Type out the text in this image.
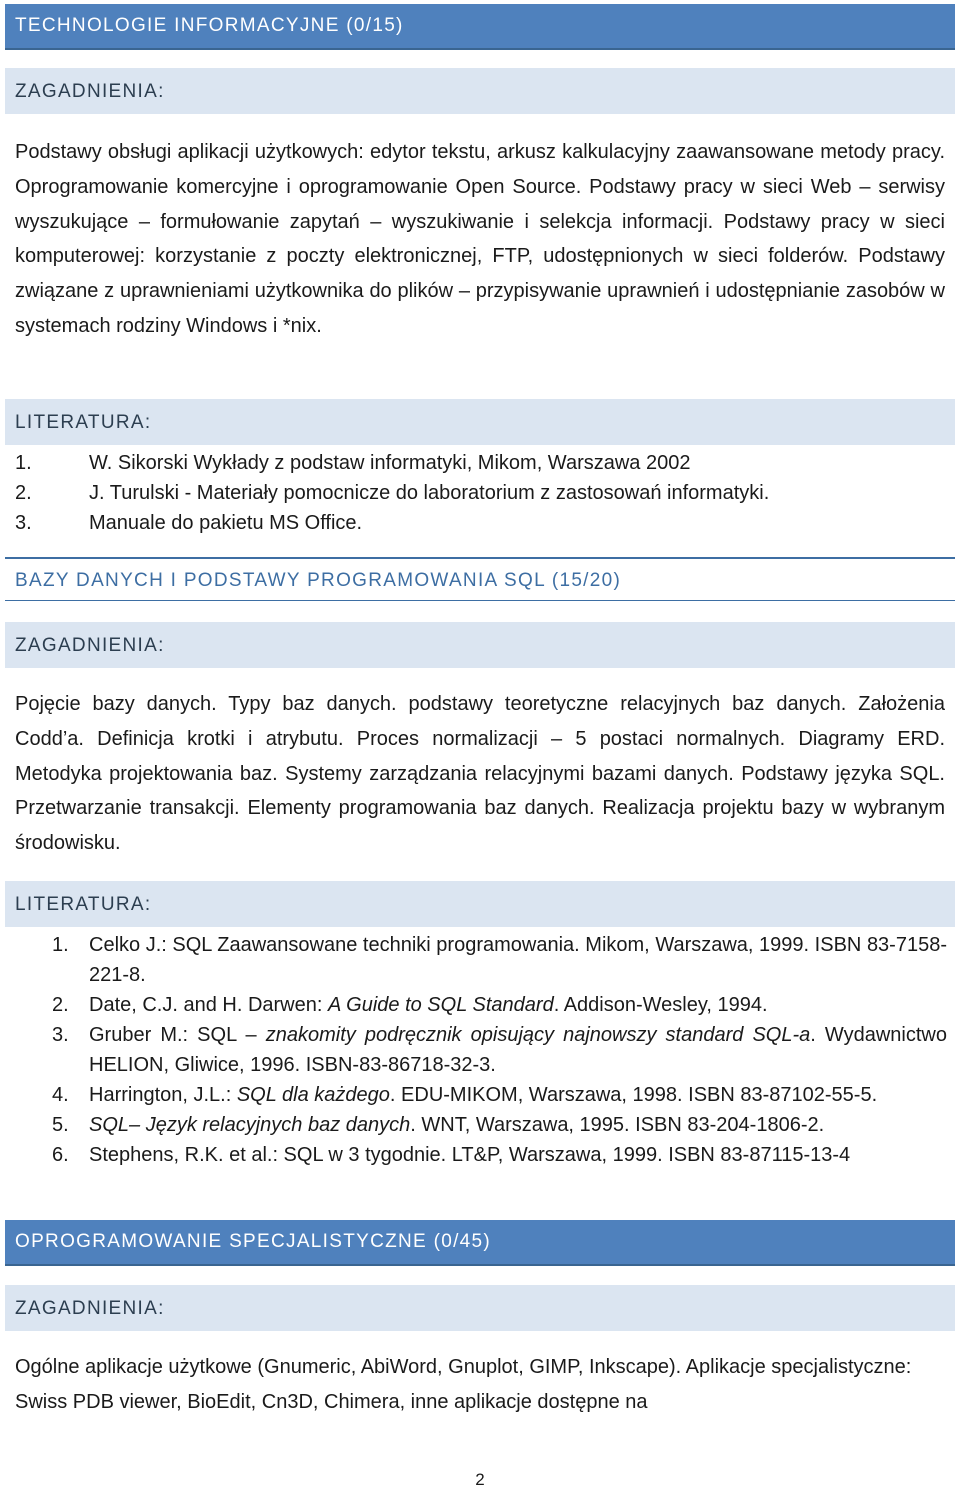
TECHNOLOGIE INFORMACYJNE (0/15)
ZAGADNIENIA:

Podstawy obsługi aplikacji użytkowych: edytor tekstu, arkusz kalkulacyjny zaawansowane metody pracy. Oprogramowanie komercyjne i oprogramowanie Open Source. Podstawy pracy w sieci Web – serwisy wyszukujące – formułowanie zapytań – wyszukiwanie i selekcja informacji. Podstawy pracy w sieci komputerowej: korzystanie z poczty elektronicznej, FTP, udostępnionych w sieci folderów. Podstawy związane z uprawnieniami użytkownika do plików – przypisywanie uprawnień i udostępnianie zasobów w systemach rodziny Windows i *nix.

LITERATURA:
1.	W. Sikorski Wykłady z podstaw informatyki, Mikom, Warszawa 2002
2.	J. Turulski - Materiały pomocnicze do laboratorium z zastosowań informatyki.
3.	Manuale do pakietu MS Office.
BAZY DANYCH I PODSTAWY PROGRAMOWANIA SQL (15/20)
ZAGADNIENIA:

Pojęcie bazy danych. Typy baz danych. podstawy teoretyczne relacyjnych baz danych. Założenia Codd’a. Definicja krotki i atrybutu. Proces normalizacji – 5 postaci normalnych. Diagramy ERD. Metodyka projektowania baz. Systemy zarządzania relacyjnymi bazami danych. Podstawy języka SQL. Przetwarzanie transakcji. Elementy programowania baz danych. Realizacja projektu bazy w wybranym środowisku.

LITERATURA:
1. Celko J.: SQL Zaawansowane techniki programowania. Mikom, Warszawa, 1999. ISBN 83-7158-221-8.
2. Date, C.J. and H. Darwen: A Guide to SQL Standard. Addison-Wesley, 1994.
3. Gruber M.: SQL – znakomity podręcznik opisujący najnowszy standard SQL-a. Wydawnictwo HELION, Gliwice, 1996. ISBN-83-86718-32-3.
4. Harrington, J.L.: SQL dla każdego. EDU-MIKOM, Warszawa, 1998. ISBN 83-87102-55-5.
5. SQL– Język relacyjnych baz danych. WNT, Warszawa, 1995. ISBN 83-204-1806-2.
6. Stephens, R.K. et al.: SQL w 3 tygodnie. LT&P, Warszawa, 1999. ISBN 83-87115-13-4
OPROGRAMOWANIE SPECJALISTYCZNE (0/45)
ZAGADNIENIA:

Ogólne aplikacje użytkowe (Gnumeric, AbiWord, Gnuplot, GIMP, Inkscape). Aplikacje specjalistyczne: Swiss PDB viewer, BioEdit, Cn3D, Chimera, inne aplikacje dostępne na

2
